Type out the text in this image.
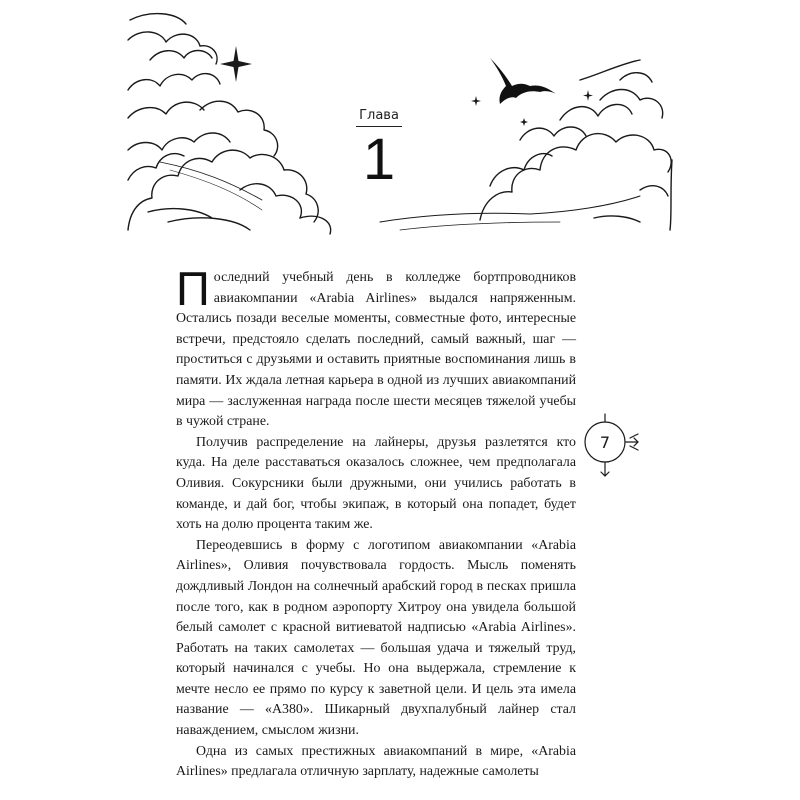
Глава
1

Последний учебный день в колледже бортпроводников авиакомпании «Arabia Airlines» выдался напряженным. Остались позади веселые моменты, совместные фото, интересные встречи, предстояло сделать последний, самый важный, шаг — проститься с друзьями и оставить приятные воспоминания лишь в памяти. Их ждала летная карьера в одной из лучших авиакомпаний мира — заслуженная награда после шести месяцев тяжелой учебы в чужой стране.

Получив распределение на лайнеры, друзья разлетятся кто куда. На деле расставаться оказалось сложнее, чем предполагала Оливия. Сокурсники были дружными, они учились работать в команде, и дай бог, чтобы экипаж, в который она попадет, будет хоть на долю процента таким же.

Переодевшись в форму с логотипом авиакомпании «Arabia Airlines», Оливия почувствовала гордость. Мысль поменять дождливый Лондон на солнечный арабский город в песках пришла после того, как в родном аэропорту Хитроу она увидела большой белый самолет с красной витиеватой надписью «Arabia Airlines». Работать на таких самолетах — большая удача и тяжелый труд, который начинался с учебы. Но она выдержала, стремление к мечте несло ее прямо по курсу к заветной цели. И цель эта имела название — «А380». Шикарный двухпалубный лайнер стал наваждением, смыслом жизни.

Одна из самых престижных авиакомпаний в мире, «Arabia Airlines» предлагала отличную зарплату, надежные самолеты

7
